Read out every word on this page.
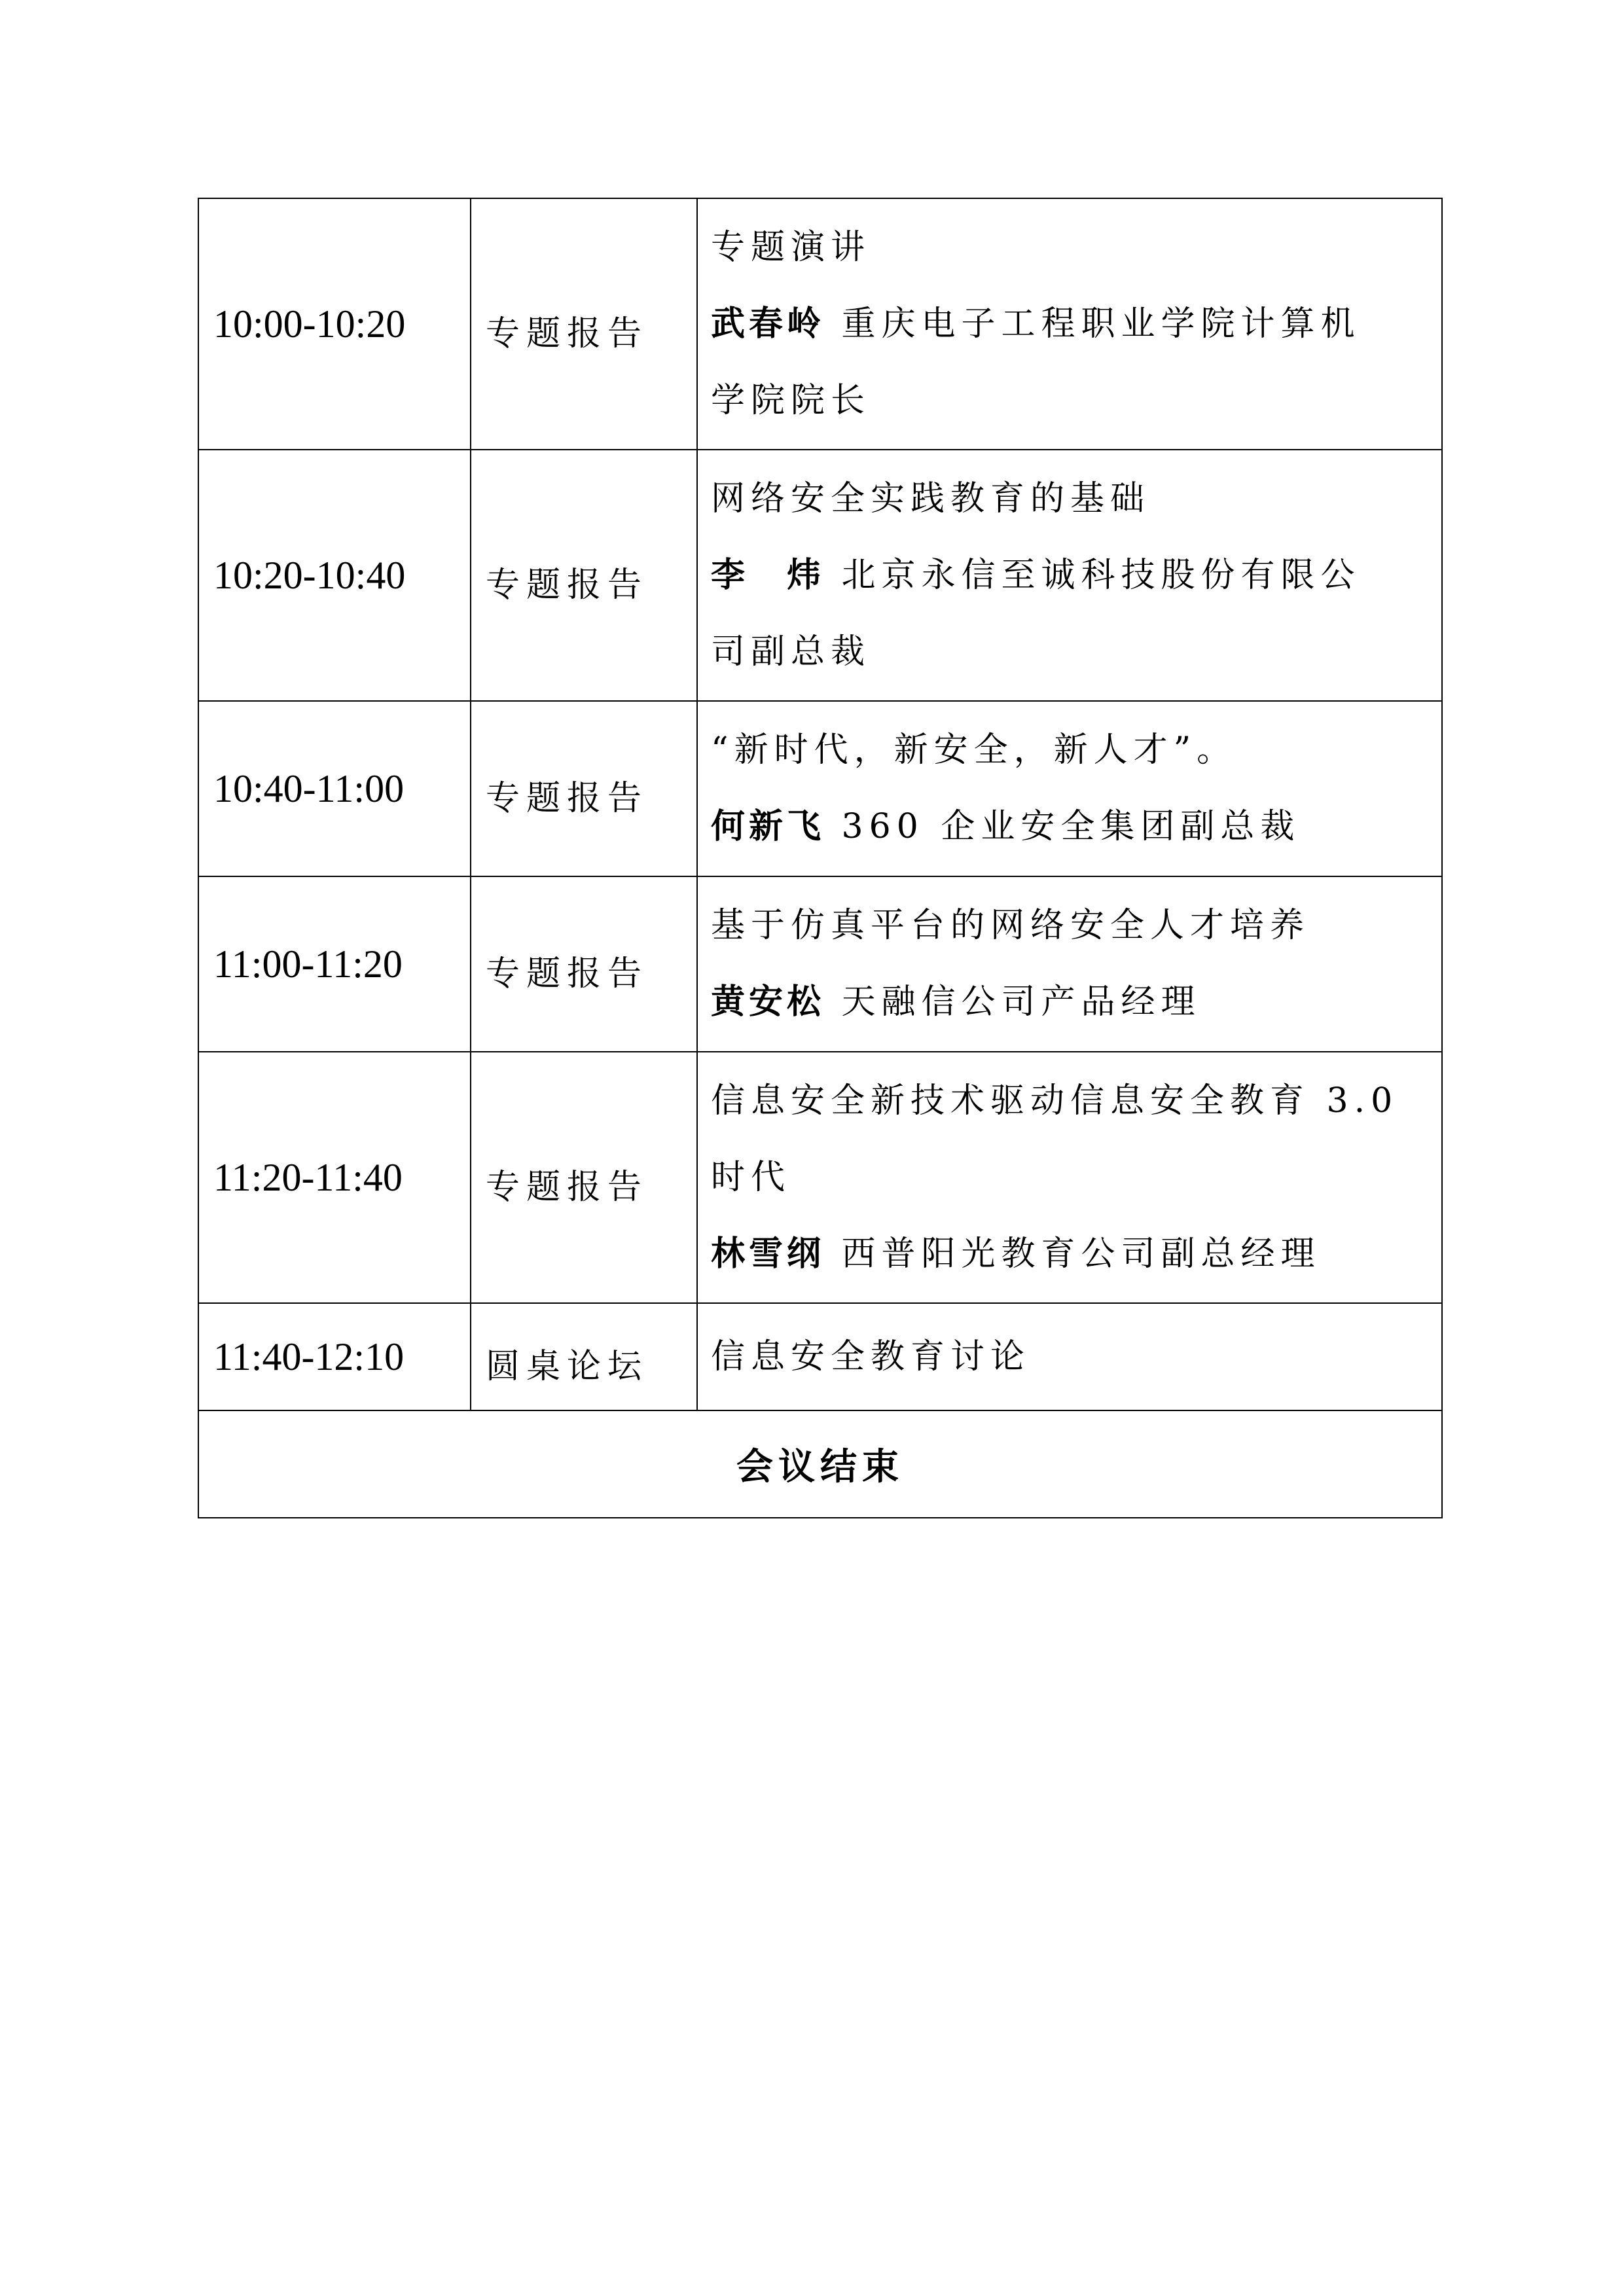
10:00-10:20	专题报告	专题演讲
武春岭 重庆电子工程职业学院计算机
学院院长

10:20-10:40	专题报告	网络安全实践教育的基础
李　炜 北京永信至诚科技股份有限公
司副总裁

10:40-11:00	专题报告	“新时代，新安全，新人才”。
何新飞 360 企业安全集团副总裁

11:00-11:20	专题报告	基于仿真平台的网络安全人才培养
黄安松 天融信公司产品经理

11:20-11:40	专题报告	信息安全新技术驱动信息安全教育 3.0
时代
林雪纲 西普阳光教育公司副总经理

11:40-12:10	圆桌论坛	信息安全教育讨论

会议结束		
